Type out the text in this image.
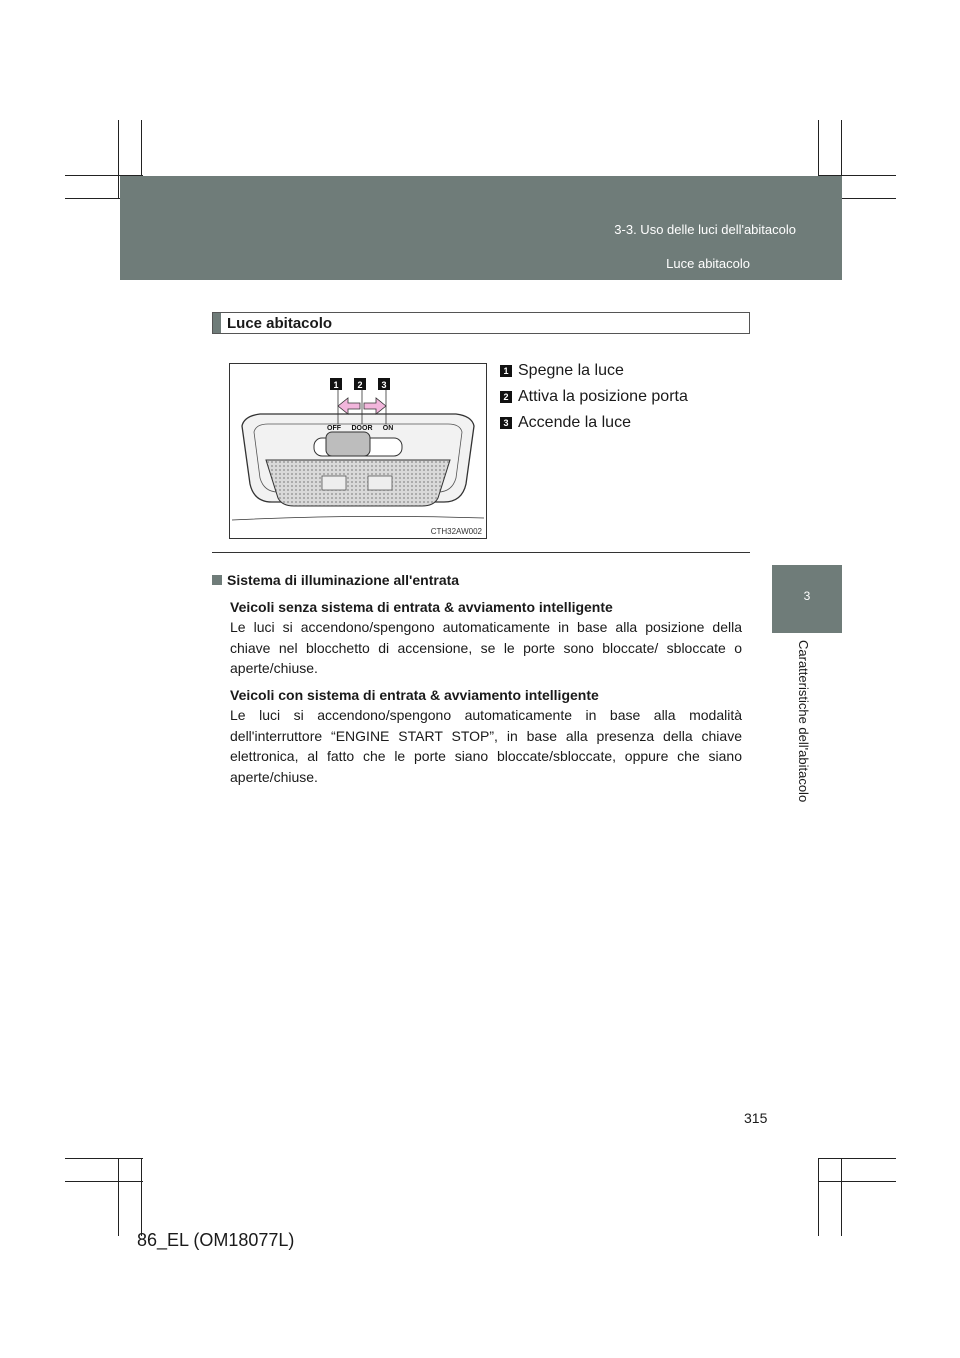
3-3. Uso delle luci dell'abitacolo
Luce abitacolo
3
Caratteristiche dell'abitacolo
Luce abitacolo
1 2 3
OFF DOOR ON
CTH32AW002
1 Spegne la luce
2 Attiva la posizione porta
3 Accende la luce
Sistema di illuminazione all'entrata
Veicoli senza sistema di entrata & avviamento intelligente
Le luci si accendono/spengono automaticamente in base alla posizione della chiave nel blocchetto di accensione, se le porte sono bloccate/ sbloccate o aperte/chiuse.
Veicoli con sistema di entrata & avviamento intelligente
Le luci si accendono/spengono automaticamente in base alla modalità dell'interruttore “ENGINE START STOP”, in base alla presenza della chiave elettronica, al fatto che le porte siano bloccate/sbloccate, oppure che siano aperte/chiuse.
315
86_EL (OM18077L)
